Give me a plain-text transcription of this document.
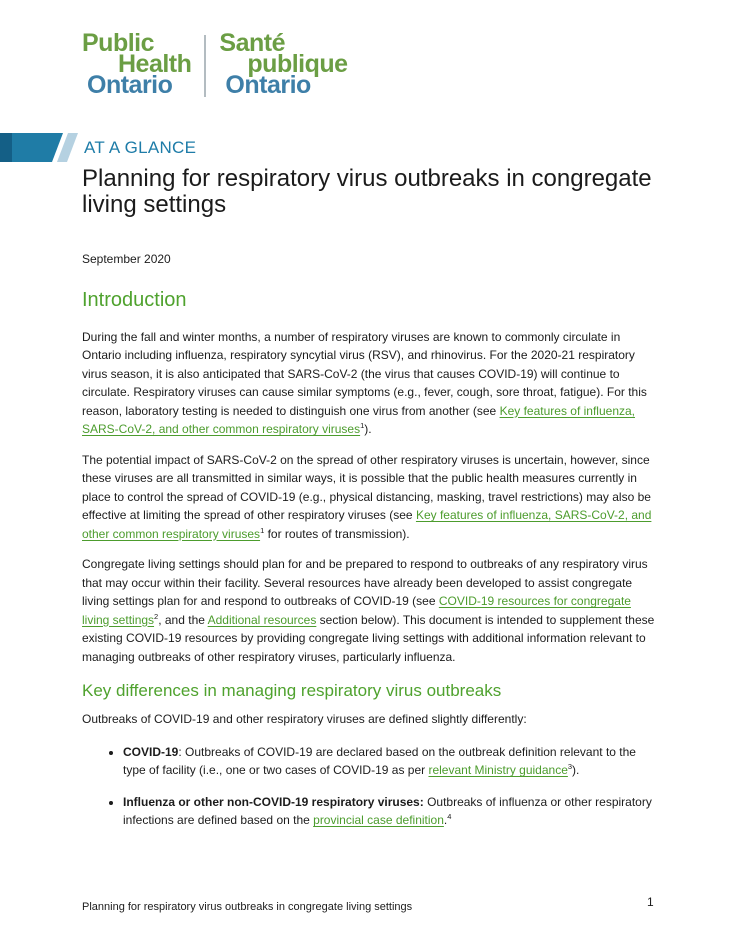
Public
Health
Ontario
Santé
publique
Ontario
AT A GLANCE
Planning for respiratory virus outbreaks in congregate living settings

September 2020

Introduction

During the fall and winter months, a number of respiratory viruses are known to commonly circulate in Ontario including influenza, respiratory syncytial virus (RSV), and rhinovirus. For the 2020-21 respiratory virus season, it is also anticipated that SARS-CoV-2 (the virus that causes COVID-19) will continue to circulate. Respiratory viruses can cause similar symptoms (e.g., fever, cough, sore throat, fatigue). For this reason, laboratory testing is needed to distinguish one virus from another (see Key features of influenza, SARS-CoV-2, and other common respiratory viruses$^1$).

The potential impact of SARS-CoV-2 on the spread of other respiratory viruses is uncertain, however, since these viruses are all transmitted in similar ways, it is possible that the public health measures currently in place to control the spread of COVID-19 (e.g., physical distancing, masking, travel restrictions) may also be effective at limiting the spread of other respiratory viruses (see Key features of influenza, SARS-CoV-2, and other common respiratory viruses$^1$ for routes of transmission).

Congregate living settings should plan for and be prepared to respond to outbreaks of any respiratory virus that may occur within their facility. Several resources have already been developed to assist congregate living settings plan for and respond to outbreaks of COVID-19 (see COVID-19 resources for congregate living settings$^2$, and the Additional resources section below). This document is intended to supplement these existing COVID-19 resources by providing congregate living settings with additional information relevant to managing outbreaks of other respiratory viruses, particularly influenza.

Key differences in managing respiratory virus outbreaks

Outbreaks of COVID-19 and other respiratory viruses are defined slightly differently:

• COVID-19: Outbreaks of COVID-19 are declared based on the outbreak definition relevant to the type of facility (i.e., one or two cases of COVID-19 as per relevant Ministry guidance$^3$).
• Influenza or other non-COVID-19 respiratory viruses: Outbreaks of influenza or other respiratory infections are defined based on the provincial case definition.$^4$
Planning for respiratory virus outbreaks in congregate living settings	1
